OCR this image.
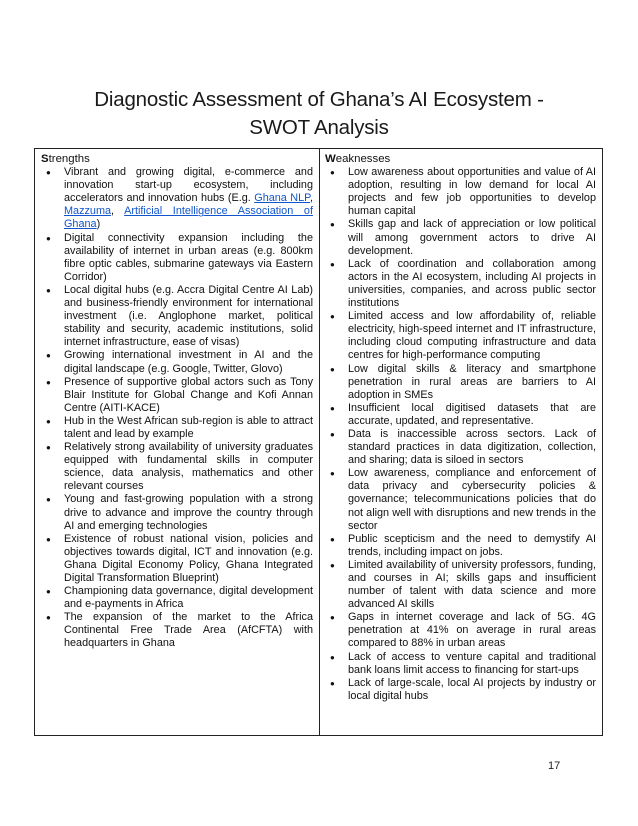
Diagnostic Assessment of Ghana’s AI Ecosystem -
SWOT Analysis
Strengths
● Vibrant and growing digital, e-commerce and innovation start-up ecosystem, including accelerators and innovation hubs (E.g. Ghana NLP, Mazzuma, Artificial Intelligence Association of Ghana)
● Digital connectivity expansion including the availability of internet in urban areas (e.g. 800km fibre optic cables, submarine gateways via Eastern Corridor)
● Local digital hubs (e.g. Accra Digital Centre AI Lab) and business-friendly environment for international investment (i.e. Anglophone market, political stability and security, academic institutions, solid internet infrastructure, ease of visas)
● Growing international investment in AI and the digital landscape (e.g. Google, Twitter, Glovo)
● Presence of supportive global actors such as Tony Blair Institute for Global Change and Kofi Annan Centre (AITI-KACE)
● Hub in the West African sub-region is able to attract talent and lead by example
● Relatively strong availability of university graduates equipped with fundamental skills in computer science, data analysis, mathematics and other relevant courses
● Young and fast-growing population with a strong drive to advance and improve the country through AI and emerging technologies
● Existence of robust national vision, policies and objectives towards digital, ICT and innovation (e.g. Ghana Digital Economy Policy, Ghana Integrated Digital Transformation Blueprint)
● Championing data governance, digital development and e-payments in Africa
● The expansion of the market to the Africa Continental Free Trade Area (AfCFTA) with headquarters in Ghana
Weaknesses
● Low awareness about opportunities and value of AI adoption, resulting in low demand for local AI projects and few job opportunities to develop human capital
● Skills gap and lack of appreciation or low political will among government actors to drive AI development.
● Lack of coordination and collaboration among actors in the AI ecosystem, including AI projects in universities, companies, and across public sector institutions
● Limited access and low affordability of, reliable electricity, high-speed internet and IT infrastructure, including cloud computing infrastructure and data centres for high-performance computing
● Low digital skills & literacy and smartphone penetration in rural areas are barriers to AI adoption in SMEs
● Insufficient local digitised datasets that are accurate, updated, and representative.
● Data is inaccessible across sectors. Lack of standard practices in data digitization, collection, and sharing; data is siloed in sectors
● Low awareness, compliance and enforcement of data privacy and cybersecurity policies & governance; telecommunications policies that do not align well with disruptions and new trends in the sector
● Public scepticism and the need to demystify AI trends, including impact on jobs.
● Limited availability of university professors, funding, and courses in AI; skills gaps and insufficient number of talent with data science and more advanced AI skills
● Gaps in internet coverage and lack of 5G. 4G penetration at 41% on average in rural areas compared to 88% in urban areas
● Lack of access to venture capital and traditional bank loans limit access to financing for start-ups
● Lack of large-scale, local AI projects by industry or local digital hubs
17
